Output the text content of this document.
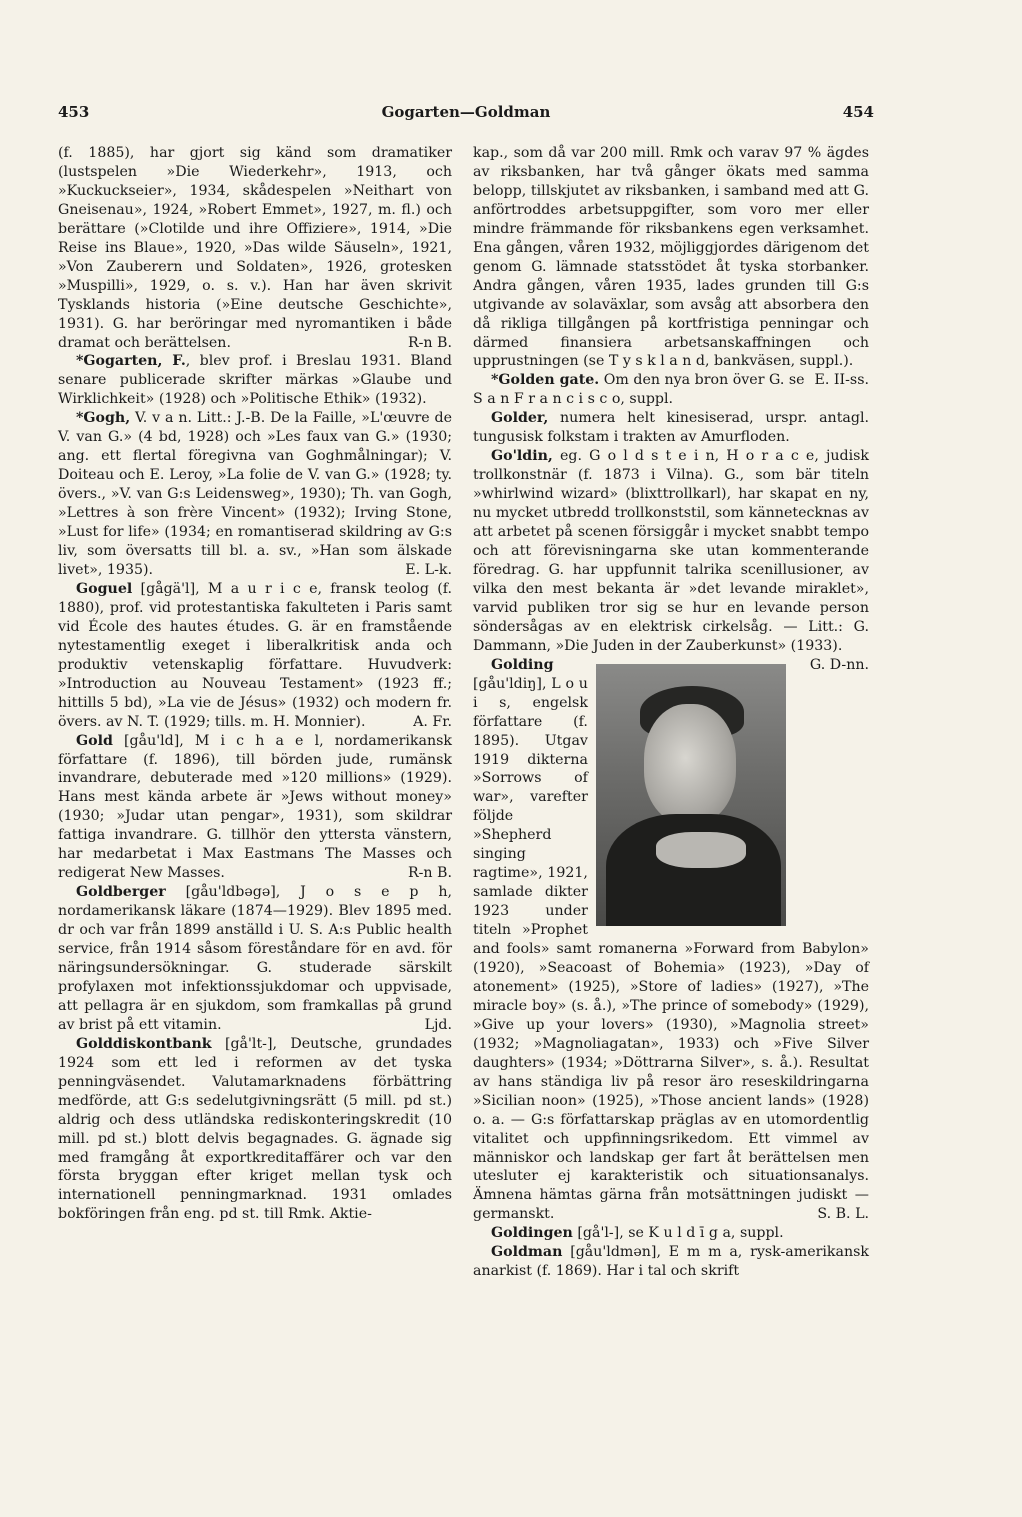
453	Gogarten—Goldman	454

(f. 1885), har gjort sig känd som dramatiker (lustspelen »Die Wiederkehr», 1913, och »Kuckuckseier», 1934, skådespelen »Neithart von Gneisenau», 1924, »Robert Emmet», 1927, m. fl.) och berättare (»Clotilde und ihre Offiziere», 1914, »Die Reise ins Blaue», 1920, »Das wilde Säuseln», 1921, »Von Zauberern und Soldaten», 1926, grotesken »Muspilli», 1929, o. s. v.). Han har även skrivit Tysklands historia (»Eine deutsche Geschichte», 1931). G. har beröringar med nyromantiken i både dramat och berättelsen.	R-n B.

*Gogarten, F., blev prof. i Breslau 1931. Bland senare publicerade skrifter märkas »Glaube und Wirklichkeit» (1928) och »Politische Ethik» (1932).

*Gogh, V. v a n. Litt.: J.-B. De la Faille, »L'œuvre de V. van G.» (4 bd, 1928) och »Les faux van G.» (1930; ang. ett flertal föregivna van Goghmålningar); V. Doiteau och E. Leroy, »La folie de V. van G.» (1928; ty. övers., »V. van G:s Leidensweg», 1930); Th. van Gogh, »Lettres à son frère Vincent» (1932); Irving Stone, »Lust for life» (1934; en romantiserad skildring av G:s liv, som översatts till bl. a. sv., »Han som älskade livet», 1935).	E. L-k.

Goguel [gågä'l], M a u r i c e, fransk teolog (f. 1880), prof. vid protestantiska fakulteten i Paris samt vid École des hautes études. G. är en framstående nytestamentlig exeget i liberalkritisk anda och produktiv vetenskaplig författare. Huvudverk: »Introduction au Nouveau Testament» (1923 ff.; hittills 5 bd), »La vie de Jésus» (1932) och modern fr. övers. av N. T. (1929; tills. m. H. Monnier).	A. Fr.

Gold [gåu'ld], M i c h a e l, nordamerikansk författare (f. 1896), till börden jude, rumänsk invandrare, debuterade med »120 millions» (1929). Hans mest kända arbete är »Jews without money» (1930; »Judar utan pengar», 1931), som skildrar fattiga invandrare. G. tillhör den yttersta vänstern, har medarbetat i Max Eastmans The Masses och redigerat New Masses.	R-n B.

Goldberger [gåu'ldbəgə], J o s e p h, nordamerikansk läkare (1874—1929). Blev 1895 med. dr och var från 1899 anställd i U. S. A:s Public health service, från 1914 såsom föreståndare för en avd. för näringsundersökningar. G. studerade särskilt profylaxen mot infektionssjukdomar och uppvisade, att pellagra är en sjukdom, som framkallas på grund av brist på ett vitamin.	Ljd.

Golddiskontbank [gå'lt-], Deutsche, grundades 1924 som ett led i reformen av det tyska penningväsendet. Valutamarknadens förbättring medförde, att G:s sedelutgivningsrätt (5 mill. pd st.) aldrig och dess utländska rediskonteringskredit (10 mill. pd st.) blott delvis begagnades. G. ägnade sig med framgång åt exportkreditaffärer och var den första bryggan efter kriget mellan tysk och internationell penningmarknad. 1931 omlades bokföringen från eng. pd st. till Rmk. Aktie-

kap., som då var 200 mill. Rmk och varav 97 % ägdes av riksbanken, har två gånger ökats med samma belopp, tillskjutet av riksbanken, i samband med att G. anförtroddes arbetsuppgifter, som voro mer eller mindre främmande för riksbankens egen verksamhet. Ena gången, våren 1932, möjliggjordes därigenom det genom G. lämnade statsstödet åt tyska storbanker. Andra gången, våren 1935, lades grunden till G:s utgivande av solaväxlar, som avsåg att absorbera den då rikliga tillgången på kortfristiga penningar och därmed finansiera arbetsanskaffningen och upprustningen (se T y s k l a n d, bankväsen, suppl.).
E. II-ss.

*Golden gate. Om den nya bron över G. se S a n F r a n c i s c o, suppl.

Golder, numera helt kinesiserad, urspr. antagl. tungusisk folkstam i trakten av Amurfloden.

Go'ldin, eg. G o l d s t e i n, H o r a c e, judisk trollkonstnär (f. 1873 i Vilna). G., som bär titeln »whirlwind wizard» (blixttrollkarl), har skapat en ny, nu mycket utbredd trollkonststil, som kännetecknas av att arbetet på scenen försiggår i mycket snabbt tempo och att förevisningarna ske utan kommenterande föredrag. G. har uppfunnit talrika scenillusioner, av vilka den mest bekanta är »det levande miraklet», varvid publiken tror sig se hur en levande person söndersågas av en elektrisk cirkelsåg. — Litt.: G. Dammann, »Die Juden in der Zauberkunst» (1933).
G. D-nn.

Golding [gåu'ldiŋ], L o u i s, engelsk författare (f. 1895). Utgav 1919 dikterna »Sorrows of war», varefter följde »Shepherd singing ragtime», 1921, samlade dikter 1923 under titeln »Prophet and fools» samt romanerna »Forward from Babylon» (1920), »Seacoast of Bohemia» (1923), »Day of atonement» (1925), »Store of ladies» (1927), »The miracle boy» (s. å.), »The prince of somebody» (1929), »Give up your lovers» (1930), »Magnolia street» (1932; »Magnoliagatan», 1933) och »Five Silver daughters» (1934; »Döttrarna Silver», s. å.). Resultat av hans ständiga liv på resor äro reseskildringarna »Sicilian noon» (1925), »Those ancient lands» (1928) o. a. — G:s författarskap präglas av en utomordentlig vitalitet och uppfinningsrikedom. Ett vimmel av människor och landskap ger fart åt berättelsen men utesluter ej karakteristik och situationsanalys. Ämnena hämtas gärna från motsättningen judiskt — germanskt.	S. B. L.

Goldingen [gå'l-], se K u l d ī g a, suppl.

Goldman [gåu'ldmən], E m m a, rysk-amerikansk anarkist (f. 1869). Har i tal och skrift
